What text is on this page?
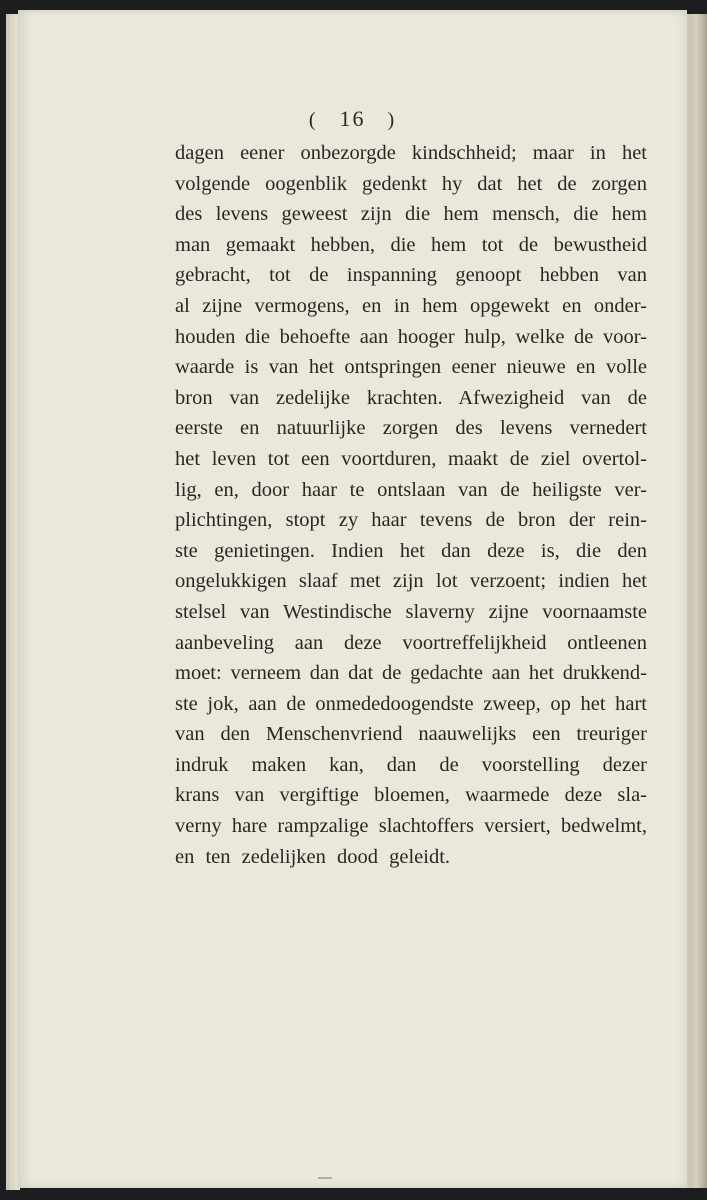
( 16 )
dagen eener onbezorgde kindschheid; maar in het
volgende oogenblik gedenkt hy dat het de zorgen
des levens geweest zijn die hem mensch, die hem
man gemaakt hebben, die hem tot de bewustheid
gebracht, tot de inspanning genoopt hebben van
al zijne vermogens, en in hem opgewekt en onder-
houden die behoefte aan hooger hulp, welke de voor-
waarde is van het ontspringen eener nieuwe en volle
bron van zedelijke krachten. Afwezigheid van de
eerste en natuurlijke zorgen des levens vernedert
het leven tot een voortduren, maakt de ziel overtol-
lig, en, door haar te ontslaan van de heiligste ver-
plichtingen, stopt zy haar tevens de bron der rein-
ste genietingen. Indien het dan deze is, die den
ongelukkigen slaaf met zijn lot verzoent; indien het
stelsel van Westindische slaverny zijne voornaamste
aanbeveling aan deze voortreffelijkheid ontleenen
moet: verneem dan dat de gedachte aan het drukkend-
ste jok, aan de onmededoogendste zweep, op het hart
van den Menschenvriend naauwelijks een treuriger
indruk maken kan, dan de voorstelling dezer
krans van vergiftige bloemen, waarmede deze sla-
verny hare rampzalige slachtoffers versiert, bedwelmt,
en ten zedelijken dood geleidt.
